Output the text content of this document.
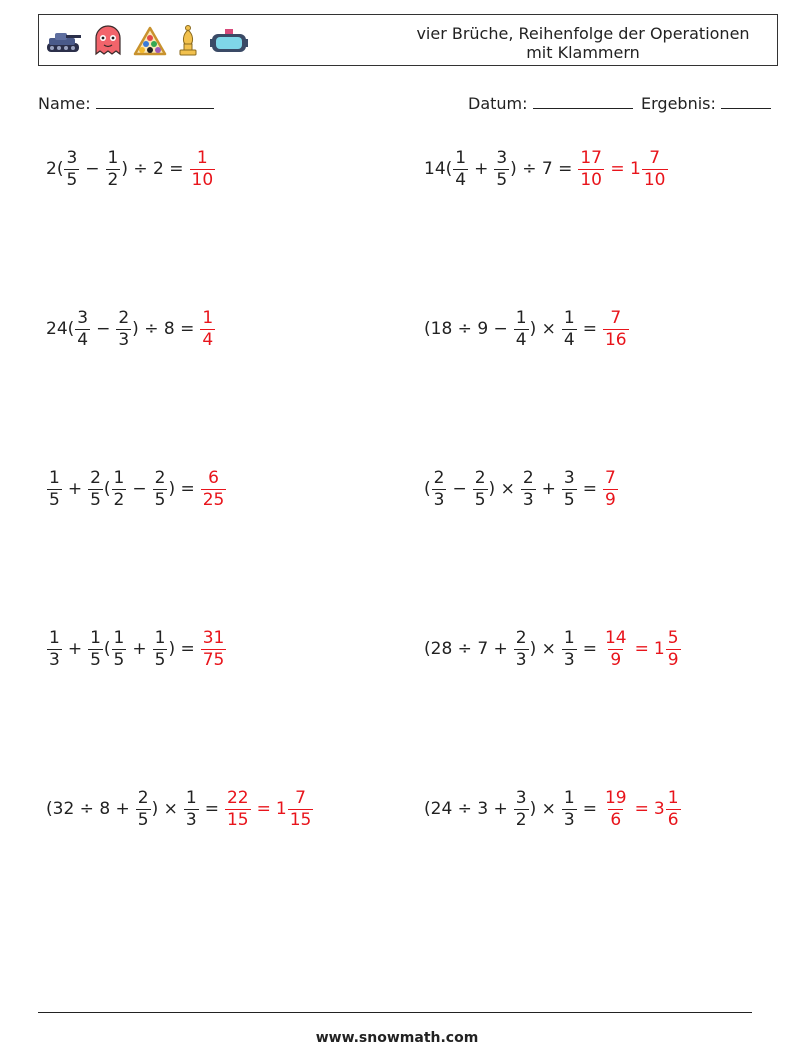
vier Brüche, Reihenfolge der Operationen
mit Klammern
Name:	Datum:	Ergebnis:
$2( \frac{3}{5} - \frac{1}{2}$ ) ÷ $2 = \frac{1}{10}$	$14( \frac{1}{4} + \frac{3}{5}$ ) ÷ $7 = \frac{17}{10} = 1 \frac{7}{10}$
$24( \frac{3}{4} - \frac{2}{3}$ ) ÷ $8 = \frac{1}{4}$	($18 \div 9 - \frac{1}{4}$ ) × $\frac{1}{4} = \frac{7}{16}$
$\frac{1}{5} + \frac{2}{5}$ ( $\frac{1}{2} - \frac{2}{5}$ ) = $\frac{6}{25}$	( $\frac{2}{3} - \frac{2}{5}$ ) × $\frac{2}{3} + \frac{3}{5} = \frac{7}{9}$
$\frac{1}{3} + \frac{1}{5}$ ( $\frac{1}{5} + \frac{1}{5}$ ) = $\frac{31}{75}$	($28 \div 7 + \frac{2}{3}$ ) × $\frac{1}{3} = \frac{14}{9} = 1 \frac{5}{9}$
($32 \div 8 + \frac{2}{5}$ ) × $\frac{1}{3} = \frac{22}{15} = 1 \frac{7}{15}$	($24 \div 3 + \frac{3}{2}$ ) × $\frac{1}{3} = \frac{19}{6} = 3 \frac{1}{6}$
www.snowmath.com
